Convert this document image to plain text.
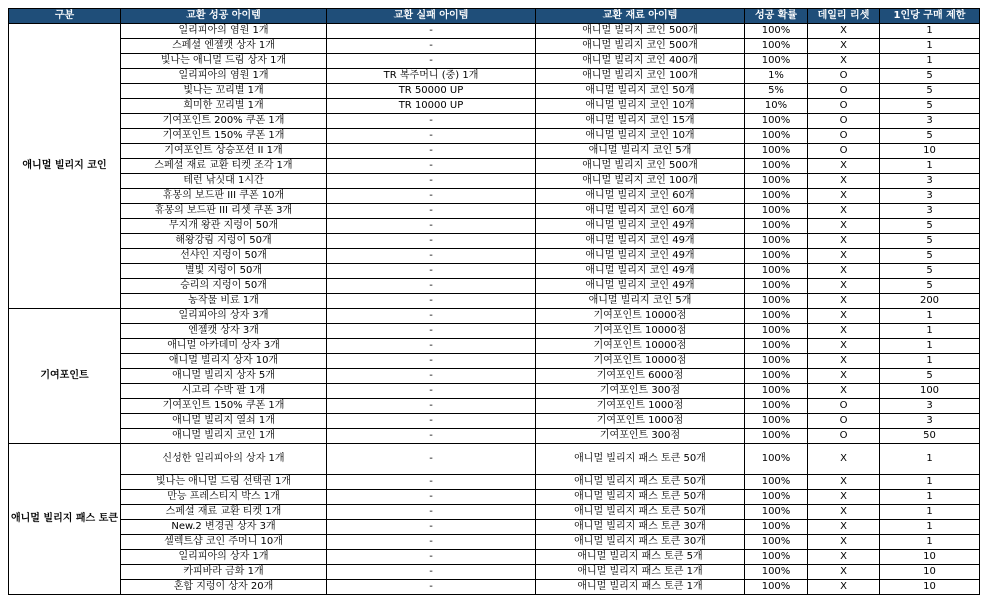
구분	교환 성공 아이템	교환 실패 아이템	교환 재료 아이템	성공 확률	데일리 리셋	1인당 구매 제한
애니멀 빌리지 코인	일리피아의 염원 1개	-	애니멀 빌리지 코인 500개	100%	X	1
	스페셜 엔젤캣 상자 1개	-	애니멀 빌리지 코인 500개	100%	X	1
	빛나는 애니멀 드림 상자 1개	-	애니멀 빌리지 코인 400개	100%	X	1
	일리피아의 염원 1개	TR 복주머니 (중) 1개	애니멀 빌리지 코인 100개	1%	O	5
	빛나는 꼬리별 1개	TR 50000 UP	애니멀 빌리지 코인 50개	5%	O	5
	희미한 꼬리별 1개	TR 10000 UP	애니멀 빌리지 코인 10개	10%	O	5
	기여포인트 200% 쿠폰 1개	-	애니멀 빌리지 코인 15개	100%	O	3
	기여포인트 150% 쿠폰 1개	-	애니멀 빌리지 코인 10개	100%	O	5
	기여포인트 상승포션 II 1개	-	애니멀 빌리지 코인 5개	100%	O	10
	스페셜 재료 교환 티켓 조각 1개	-	애니멀 빌리지 코인 500개	100%	X	1
	테런 낚싯대 1시간	-	애니멀 빌리지 코인 100개	100%	X	3
	휴몽의 보드판 III 쿠폰 10개	-	애니멀 빌리지 코인 60개	100%	X	3
	휴몽의 보드판 III 리셋 쿠폰 3개	-	애니멀 빌리지 코인 60개	100%	X	3
	무지개 왕관 지렁이 50개	-	애니멀 빌리지 코인 49개	100%	X	5
	해왕강림 지렁이 50개	-	애니멀 빌리지 코인 49개	100%	X	5
	선샤인 지렁이 50개	-	애니멀 빌리지 코인 49개	100%	X	5
	별빛 지렁이 50개	-	애니멀 빌리지 코인 49개	100%	X	5
	승리의 지렁이 50개	-	애니멀 빌리지 코인 49개	100%	X	5
	농작물 비료 1개	-	애니멀 빌리지 코인 5개	100%	X	200
기여포인트	일리피아의 상자 3개	-	기여포인트 10000점	100%	X	1
	엔젤캣 상자 3개	-	기여포인트 10000점	100%	X	1
	애니멀 아카데미 상자 3개	-	기여포인트 10000점	100%	X	1
	애니멀 빌리지 상자 10개	-	기여포인트 10000점	100%	X	1
	애니멀 빌리지 상자 5개	-	기여포인트 6000점	100%	X	5
	시고리 수박 팔 1개	-	기여포인트 300점	100%	X	100
	기여포인트 150% 쿠폰 1개	-	기여포인트 1000점	100%	O	3
	애니멀 빌리지 열쇠 1개	-	기여포인트 1000점	100%	O	3
	애니멀 빌리지 코인 1개	-	기여포인트 300점	100%	O	50
애니멀 빌리지 패스 토큰	신성한 일리피아의 상자 1개	-	애니멀 빌리지 패스 토큰 50개	100%	X	1
	빛나는 애니멀 드림 선택권 1개	-	애니멀 빌리지 패스 토큰 50개	100%	X	1
	만능 프레스티지 박스 1개	-	애니멀 빌리지 패스 토큰 50개	100%	X	1
	스페셜 재료 교환 티켓 1개	-	애니멀 빌리지 패스 토큰 50개	100%	X	1
	New.2 변경권 상자 3개	-	애니멀 빌리지 패스 토큰 30개	100%	X	1
	셀렉트샵 코인 주머니 10개	-	애니멀 빌리지 패스 토큰 30개	100%	X	1
	일리피아의 상자 1개	-	애니멀 빌리지 패스 토큰 5개	100%	X	10
	카피바라 금화 1개	-	애니멀 빌리지 패스 토큰 1개	100%	X	10
	혼합 지렁이 상자 20개	-	애니멀 빌리지 패스 토큰 1개	100%	X	10
